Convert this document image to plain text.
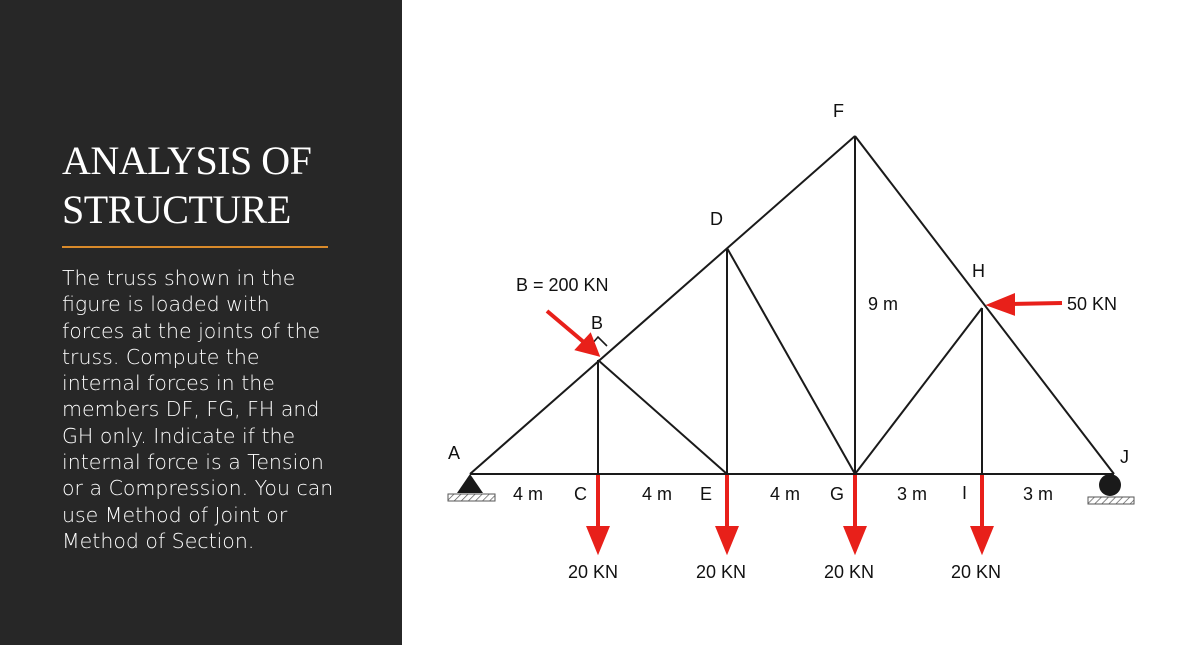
ANALYSIS OF
STRUCTURE
The truss shown in the
figure is loaded with
forces at the joints of the
truss. Compute the
internal forces in the
members DF, FG, FH and
GH only. Indicate if the
internal force is a Tension
or a Compression. You can
use Method of Joint or
Method of Section.
A
B
C
D
E
F
G
H
I
J
4 m	4 m	4 m	3 m	3 m
9 m
B = 200 KN
50 KN
20 KN	20 KN	20 KN	20 KN
